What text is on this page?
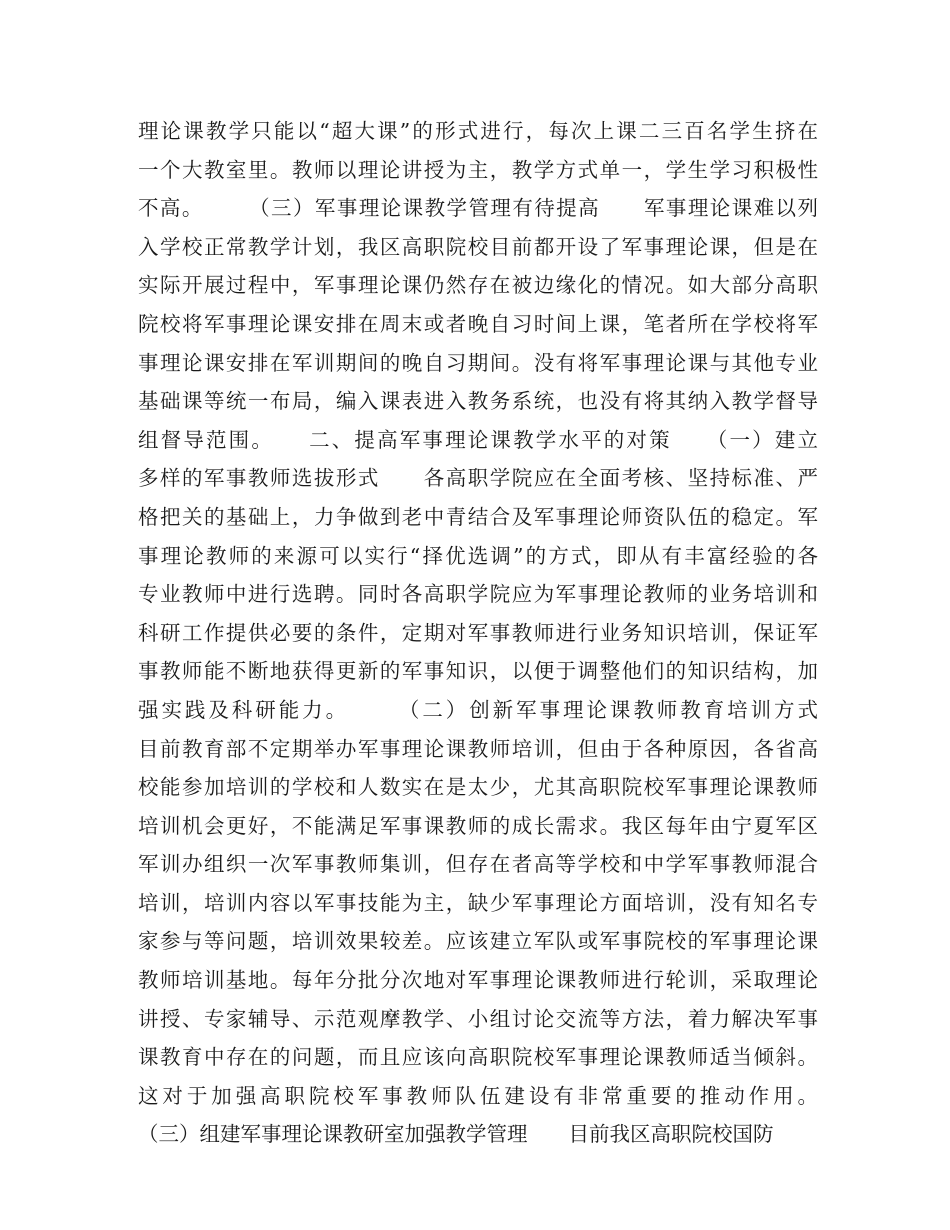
理论课教学只能以“超大课”的形式进行，每次上课二三百名学生挤在
一个大教室里。教师以理论讲授为主，教学方式单一，学生学习积极性
不高。　　　（三）军事理论课教学管理有待提高　　军事理论课难以列
入学校正常教学计划，我区高职院校目前都开设了军事理论课，但是在
实际开展过程中，军事理论课仍然存在被边缘化的情况。如大部分高职
院校将军事理论课安排在周末或者晚自习时间上课，笔者所在学校将军
事理论课安排在军训期间的晚自习期间。没有将军事理论课与其他专业
基础课等统一布局，编入课表进入教务系统，也没有将其纳入教学督导
组督导范围。　　二、提高军事理论课教学水平的对策　　（一）建立
多样的军事教师选拔形式　　各高职学院应在全面考核、坚持标准、严
格把关的基础上，力争做到老中青结合及军事理论师资队伍的稳定。军
事理论教师的来源可以实行“择优选调”的方式，即从有丰富经验的各
专业教师中进行选聘。同时各高职学院应为军事理论教师的业务培训和
科研工作提供必要的条件，定期对军事教师进行业务知识培训，保证军
事教师能不断地获得更新的军事知识，以便于调整他们的知识结构，加
强实践及科研能力。　　　（二）创新军事理论课教师教育培训方式
目前教育部不定期举办军事理论课教师培训，但由于各种原因，各省高
校能参加培训的学校和人数实在是太少，尤其高职院校军事理论课教师
培训机会更好，不能满足军事课教师的成长需求。我区每年由宁夏军区
军训办组织一次军事教师集训，但存在者高等学校和中学军事教师混合
培训，培训内容以军事技能为主，缺少军事理论方面培训，没有知名专
家参与等问题，培训效果较差。应该建立军队或军事院校的军事理论课
教师培训基地。每年分批分次地对军事理论课教师进行轮训，采取理论
讲授、专家辅导、示范观摩教学、小组讨论交流等方法，着力解决军事
课教育中存在的问题，而且应该向高职院校军事理论课教师适当倾斜。
这对于加强高职院校军事教师队伍建设有非常重要的推动作用。
（三）组建军事理论课教研室加强教学管理　　目前我区高职院校国防
